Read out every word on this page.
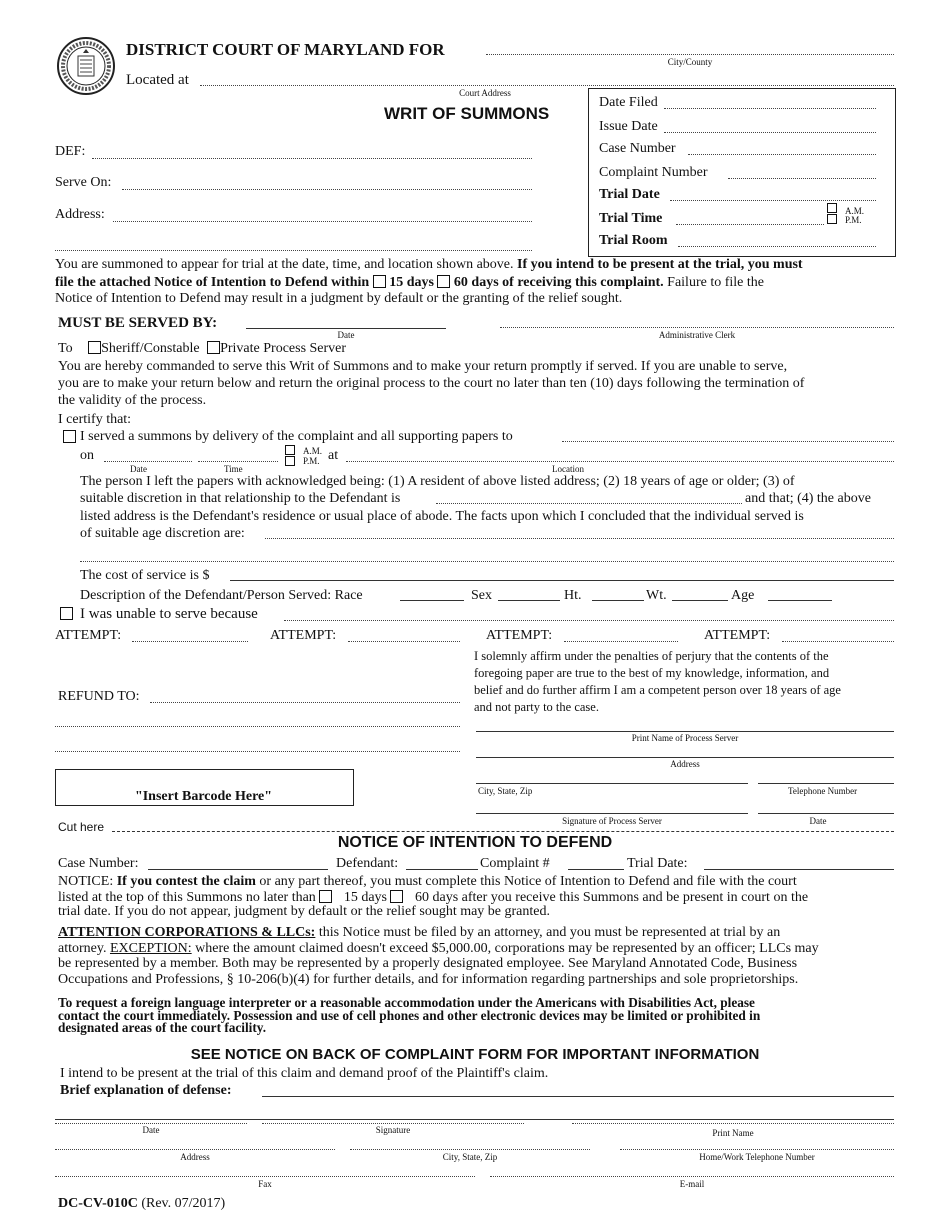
DISTRICT COURT OF MARYLAND FOR
City/County
Located at
Court Address
WRIT OF SUMMONS
Date Filed
Issue Date
Case Number
Complaint Number
Trial Date
Trial Time	A.M.
P.M.
Trial Room
DEF:
Serve On:
Address:
You are summoned to appear for trial at the date, time, and location shown above. If you intend to be present at the trial, you must
file the attached Notice of Intention to Defend within 15 days 60 days of receiving this complaint. Failure to file the
Notice of Intention to Defend may result in a judgment by default or the granting of the relief sought.
MUST BE SERVED BY:
Date	Administrative Clerk
To Sheriff/Constable Private Process Server
You are hereby commanded to serve this Writ of Summons and to make your return promptly if served. If you are unable to serve,
you are to make your return below and return the original process to the court no later than ten (10) days following the termination of
the validity of the process.
I certify that:
I served a summons by delivery of the complaint and all supporting papers to
on	A.M.
P.M. at
Date	Time	Location
The person I left the papers with acknowledged being: (1) A resident of above listed address; (2) 18 years of age or older; (3) of
suitable discretion in that relationship to the Defendant is	and that; (4) the above
listed address is the Defendant's residence or usual place of abode. The facts upon which I concluded that the individual served is
of suitable age discretion are:
The cost of service is $
Description of the Defendant/Person Served: Race	Sex	Ht.	Wt.	Age
I was unable to serve because
ATTEMPT:	ATTEMPT:	ATTEMPT:	ATTEMPT:
I solemnly affirm under the penalties of perjury that the contents of the
foregoing paper are true to the best of my knowledge, information, and
belief and do further affirm I am a competent person over 18 years of age
and not party to the case.
REFUND TO:
Print Name of Process Server
Address
City, State, Zip	Telephone Number
Signature of Process Server	Date
"Insert Barcode Here"
Cut here
NOTICE OF INTENTION TO DEFEND
Case Number:	Defendant:	Complaint #	Trial Date:
NOTICE: If you contest the claim or any part thereof, you must complete this Notice of Intention to Defend and file with the court
listed at the top of this Summons no later than 15 days 60 days after you receive this Summons and be present in court on the
trial date. If you do not appear, judgment by default or the relief sought may be granted.
ATTENTION CORPORATIONS & LLCs: this Notice must be filed by an attorney, and you must be represented at trial by an
attorney. EXCEPTION: where the amount claimed doesn't exceed $5,000.00, corporations may be represented by an officer; LLCs may
be represented by a member. Both may be represented by a properly designated employee. See Maryland Annotated Code, Business
Occupations and Professions, § 10-206(b)(4) for further details, and for information regarding partnerships and sole proprietorships.
To request a foreign language interpreter or a reasonable accommodation under the Americans with Disabilities Act, please
contact the court immediately. Possession and use of cell phones and other electronic devices may be limited or prohibited in
designated areas of the court facility.
SEE NOTICE ON BACK OF COMPLAINT FORM FOR IMPORTANT INFORMATION
I intend to be present at the trial of this claim and demand proof of the Plaintiff's claim.
Brief explanation of defense:
Date	Signature	Print Name
Address	City, State, Zip	Home/Work Telephone Number
Fax	E-mail
DC-CV-010C (Rev. 07/2017)
